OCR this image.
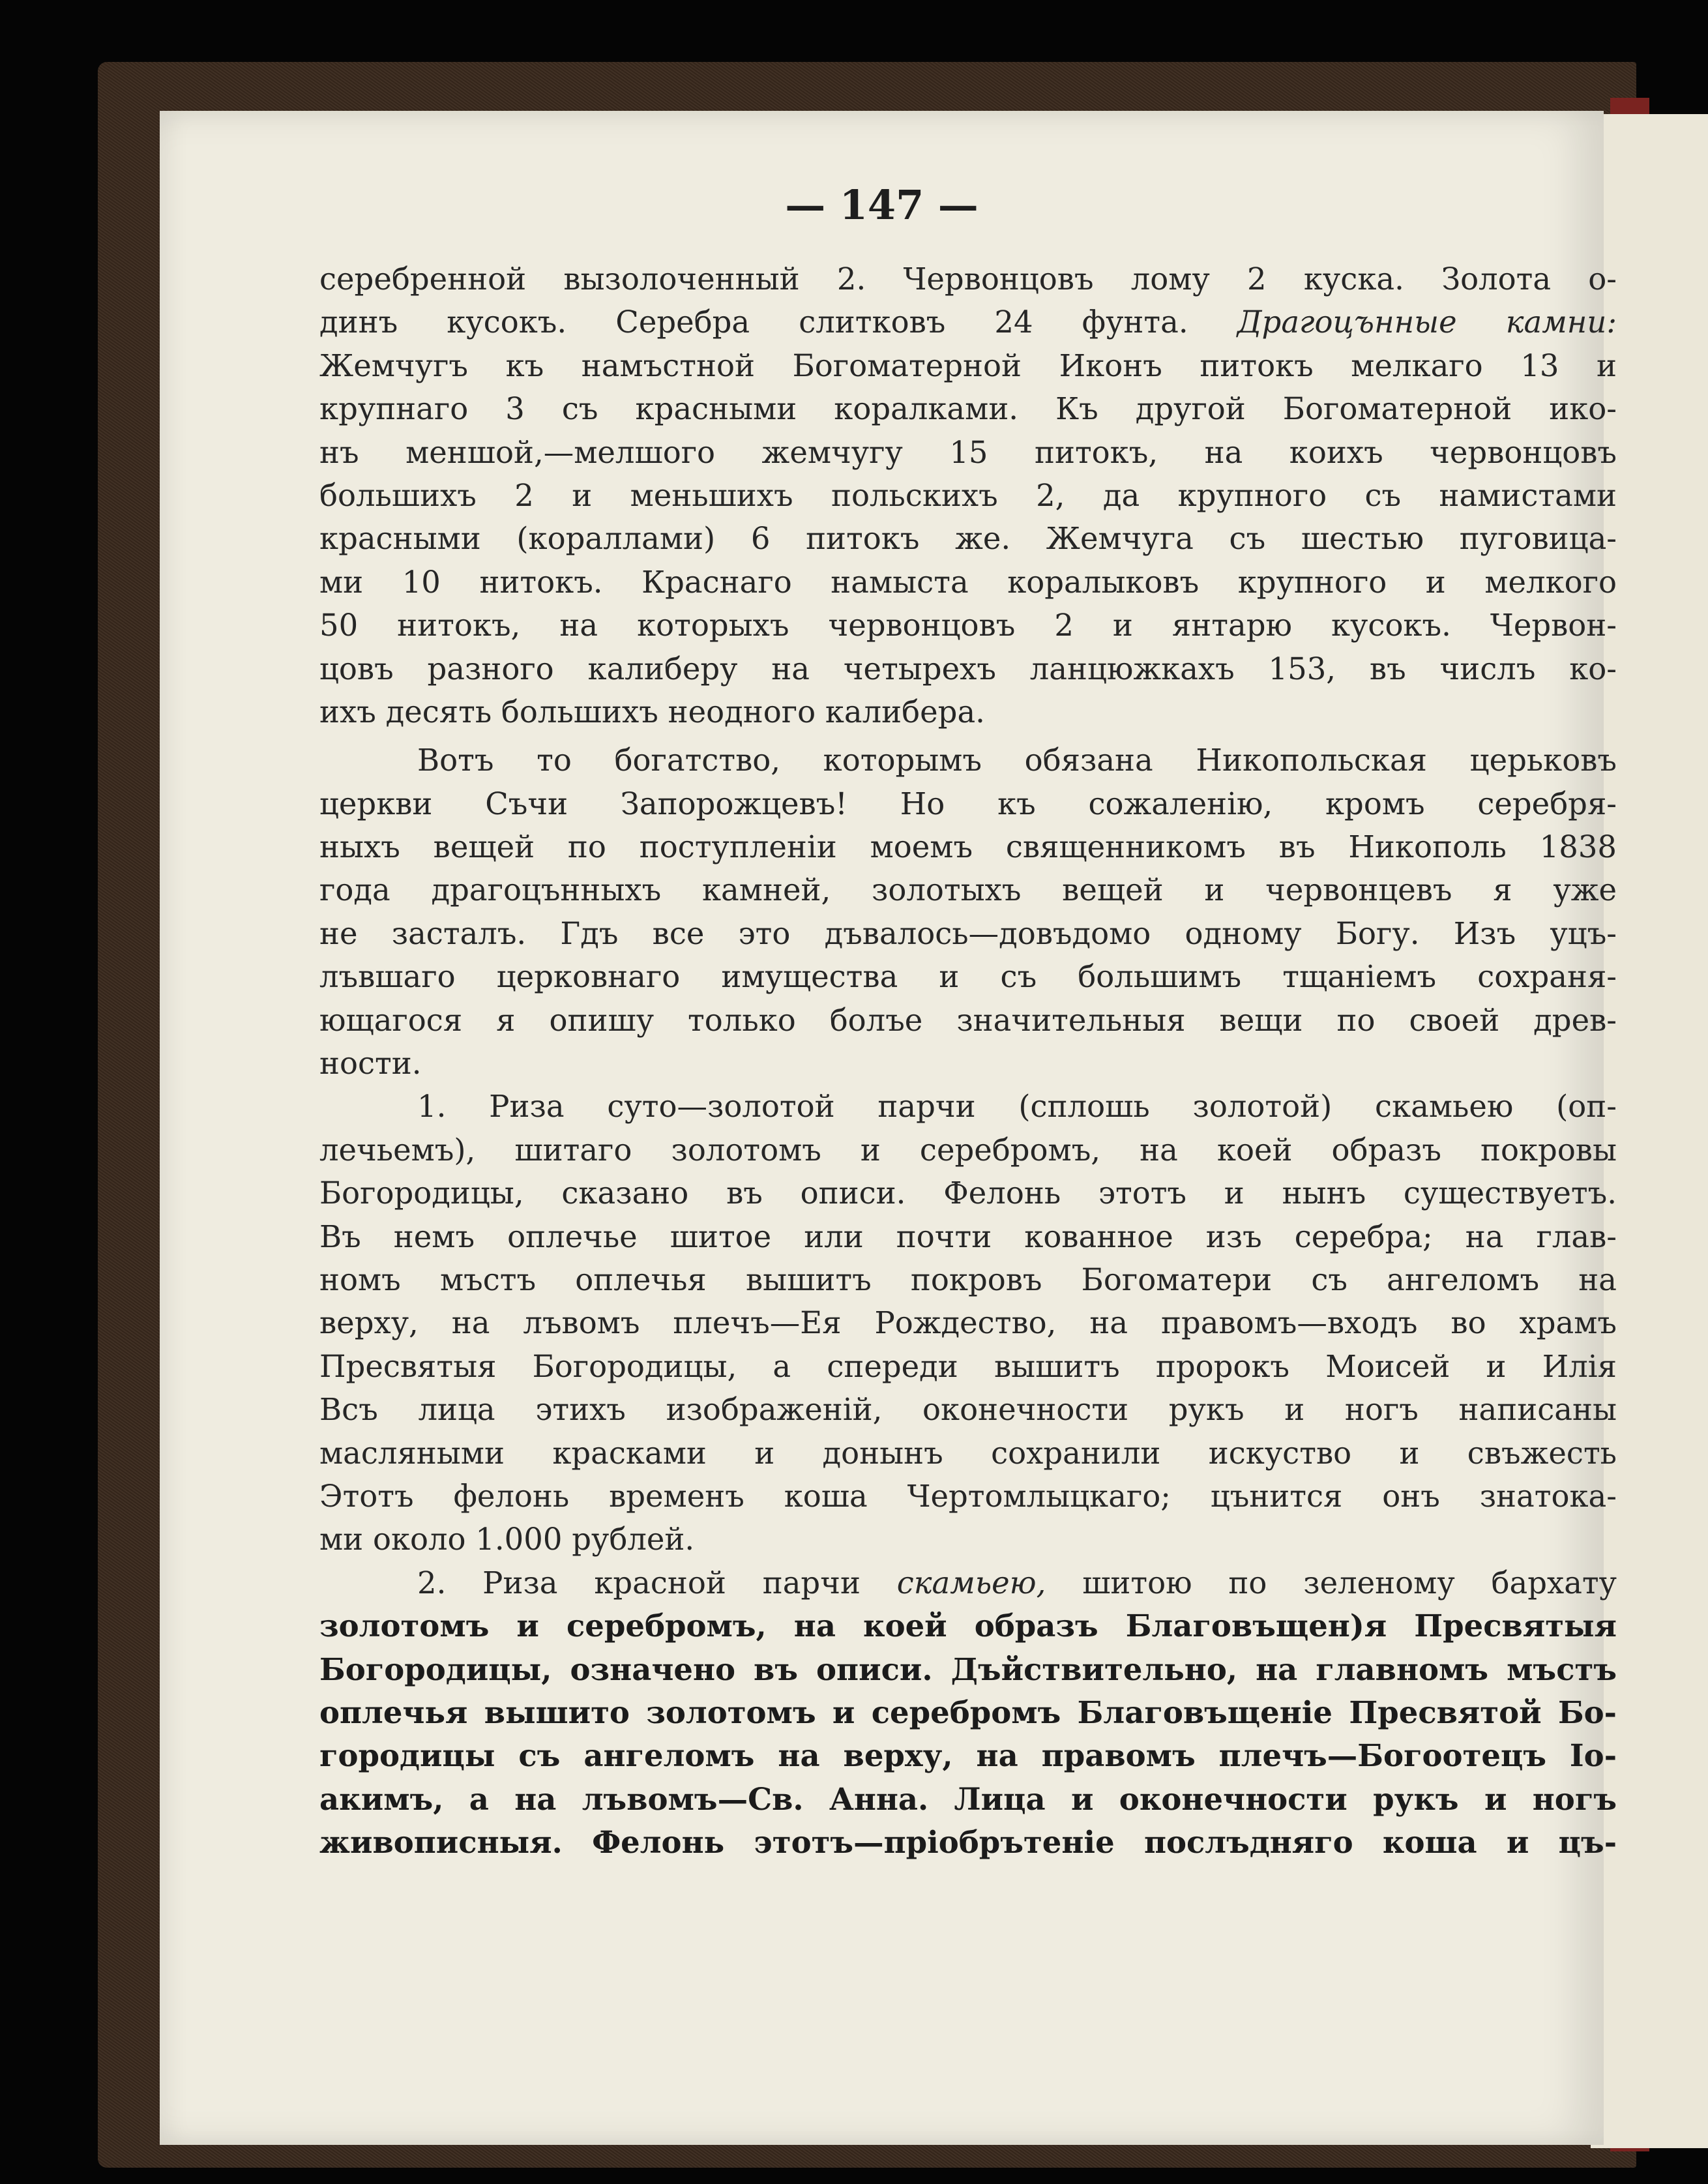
— 147 —
серебренной вызолоченный 2. Червонцовъ лому 2 куска. Золота о-
динъ кусокъ. Серебра слитковъ 24 фунта. Драгоцънные камни:
Жемчугъ къ намъстной Богоматерной Иконъ питокъ мелкаго 13 и
крупнаго 3 съ красными коралками. Къ другой Богоматерной ико-
нъ меншой,—мелшого жемчугу 15 питокъ, на коихъ червонцовъ
большихъ 2 и меньшихъ польскихъ 2, да крупного съ намистами
красными (кораллами) 6 питокъ же. Жемчуга съ шестью пуговица-
ми 10 нитокъ. Краснаго намыста коралыковъ крупного и мелкого
50 нитокъ, на которыхъ червонцовъ 2 и янтарю кусокъ. Червон-
цовъ разного калиберу на четырехъ ланцюжкахъ 153, въ числъ ко-
ихъ десять большихъ неодного калибера.
Вотъ то богатство, которымъ обязана Никопольская церьковъ
церкви Съчи Запорожцевъ! Но къ сожаленію, кромъ серебря-
ныхъ вещей по поступленіи моемъ священникомъ въ Никополь 1838
года драгоцънныхъ камней, золотыхъ вещей и червонцевъ я уже
не засталъ. Гдъ все это дъвалось—довъдомо одному Богу. Изъ уцъ-
лъвшаго церковнаго имущества и съ большимъ тщаніемъ сохраня-
ющагося я опишу только болъе значительныя вещи по своей древ-
ности.
1. Риза суто—золотой парчи (сплошь золотой) скамьею (оп-
лечьемъ), шитаго золотомъ и серебромъ, на коей образъ покровы
Богородицы, сказано въ описи. Фелонь этотъ и нынъ существуетъ.
Въ немъ оплечье шитое или почти кованное изъ серебра; на глав-
номъ мъстъ оплечья вышитъ покровъ Богоматери съ ангеломъ на
верху, на лъвомъ плечъ—Ея Рождество, на правомъ—входъ во храмъ
Пресвятыя Богородицы, а спереди вышитъ пророкъ Моисей и Илія
Всъ лица этихъ изображеній, оконечности рукъ и ногъ написаны
масляными красками и донынъ сохранили искуство и свъжесть
Этотъ фелонь временъ коша Чертомлыцкаго; цънится онъ знатока-
ми около 1.000 рублей.
2. Риза красной парчи скамьею, шитою по зеленому бархату
золотомъ и серебромъ, на коей образъ Благовъщен)я Пресвятыя
Богородицы, означено въ описи. Дъйствительно, на главномъ мъстъ
оплечья вышито золотомъ и серебромъ Благовъщеніе Пресвятой Бо-
городицы съ ангеломъ на верху, на правомъ плечъ—Богоотецъ Іо-
акимъ, а на лъвомъ—Св. Анна. Лица и оконечности рукъ и ногъ
живописныя. Фелонь этотъ—пріобрътеніе послъдняго коша и цъ-
